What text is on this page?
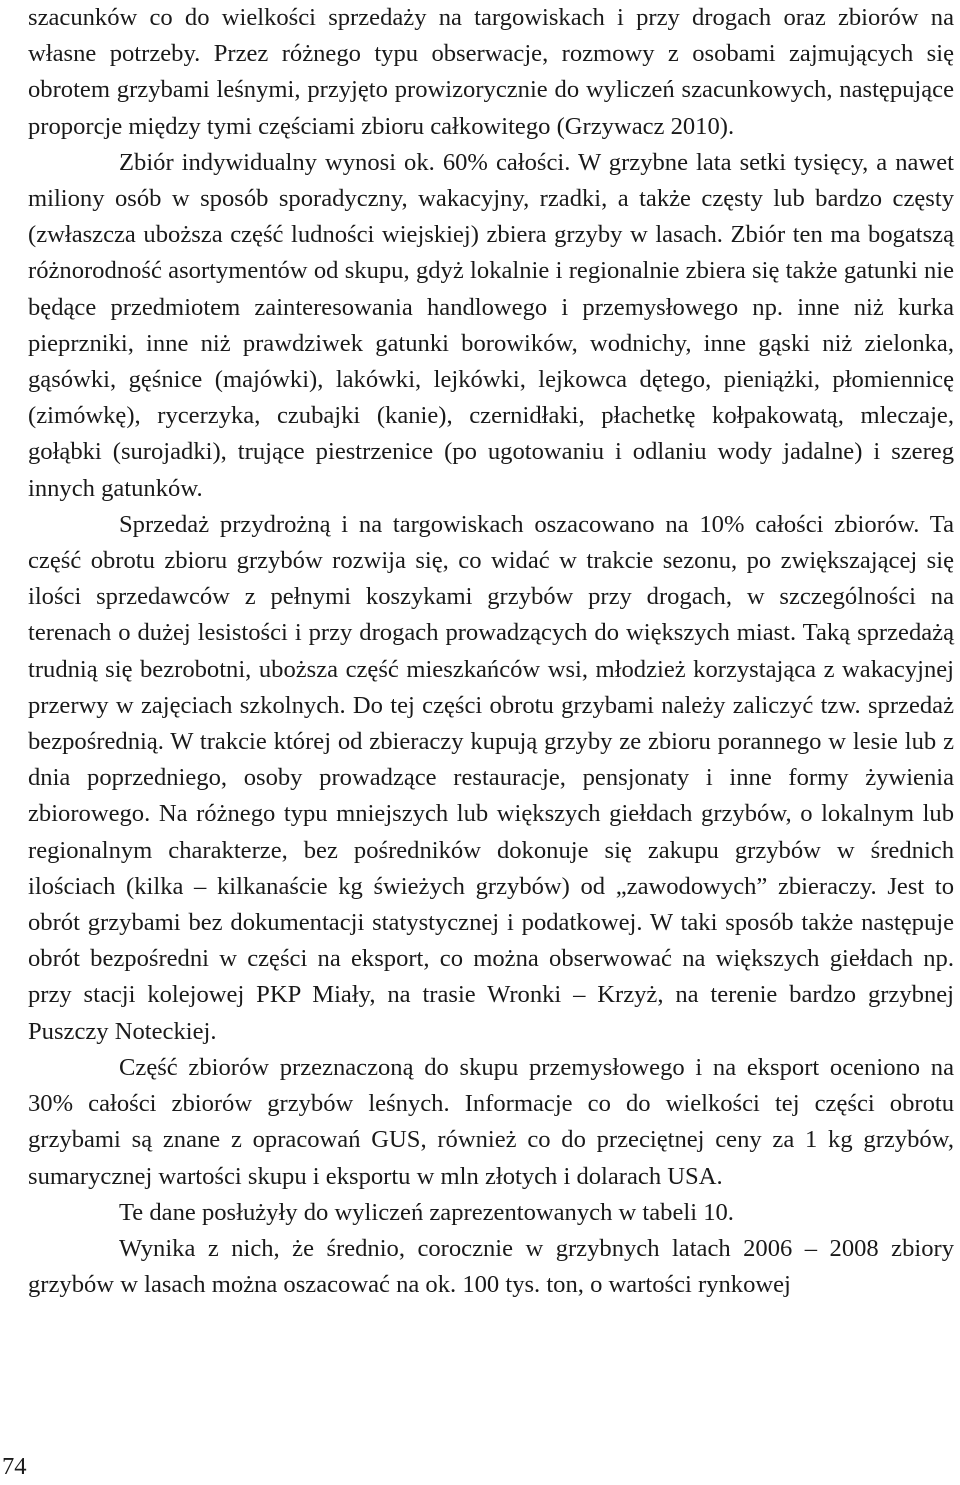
szacunków co do wielkości sprzedaży na targowiskach i przy drogach oraz zbiorów na własne potrzeby. Przez różnego typu obserwacje, rozmowy z osobami zajmujących się obrotem grzybami leśnymi, przyjęto prowizorycznie do wyliczeń szacunkowych, następujące proporcje między tymi częściami zbioru całkowitego (Grzywacz 2010).

Zbiór indywidualny wynosi ok. 60% całości. W grzybne lata setki tysięcy, a nawet miliony osób w sposób sporadyczny, wakacyjny, rzadki, a także częsty lub bardzo częsty (zwłaszcza uboższa część ludności wiejskiej) zbiera grzyby w lasach. Zbiór ten ma bogatszą różnorodność asortymentów od skupu, gdyż lokalnie i regionalnie zbiera się także gatunki nie będące przedmiotem zainteresowania handlowego i przemysłowego np. inne niż kurka pieprzniki, inne niż prawdziwek gatunki borowików, wodnichy, inne gąski niż zielonka, gąsówki, gęśnice (majówki), lakówki, lejkówki, lejkowca dętego, pieniążki, płomiennicę (zimówkę), rycerzyka, czubajki (kanie), czernidłaki, płachetkę kołpakowatą, mleczaje, gołąbki (surojadki), trujące piestrzenice (po ugotowaniu i odlaniu wody jadalne) i szereg innych gatunków.

Sprzedaż przydrożną i na targowiskach oszacowano na 10% całości zbiorów. Ta część obrotu zbioru grzybów rozwija się, co widać w trakcie sezonu, po zwiększającej się ilości sprzedawców z pełnymi koszykami grzybów przy drogach, w szczególności na terenach o dużej lesistości i przy drogach prowadzących do większych miast. Taką sprzedażą trudnią się bezrobotni, uboższa część mieszkańców wsi, młodzież korzystająca z wakacyjnej przerwy w zajęciach szkolnych. Do tej części obrotu grzybami należy zaliczyć tzw. sprzedaż bezpośrednią. W trakcie której od zbieraczy kupują grzyby ze zbioru porannego w lesie lub z dnia poprzedniego, osoby prowadzące restauracje, pensjonaty i inne formy żywienia zbiorowego. Na różnego typu mniejszych lub większych giełdach grzybów, o lokalnym lub regionalnym charakterze, bez pośredników dokonuje się zakupu grzybów w średnich ilościach (kilka – kilkanaście kg świeżych grzybów) od „zawodowych” zbieraczy. Jest to obrót grzybami bez dokumentacji statystycznej i podatkowej. W taki sposób także następuje obrót bezpośredni w części na eksport, co można obserwować na większych giełdach np. przy stacji kolejowej PKP Miały, na trasie Wronki – Krzyż, na terenie bardzo grzybnej Puszczy Noteckiej.

Część zbiorów przeznaczoną do skupu przemysłowego i na eksport oceniono na 30% całości zbiorów grzybów leśnych. Informacje co do wielkości tej części obrotu grzybami są znane z opracowań GUS, również co do przeciętnej ceny za 1 kg grzybów, sumarycznej wartości skupu i eksportu w mln złotych i dolarach USA.

Te dane posłużyły do wyliczeń zaprezentowanych w tabeli 10.

Wynika z nich, że średnio, corocznie w grzybnych latach 2006 – 2008 zbiory grzybów w lasach można oszacować na ok. 100 tys. ton, o wartości rynkowej

74
